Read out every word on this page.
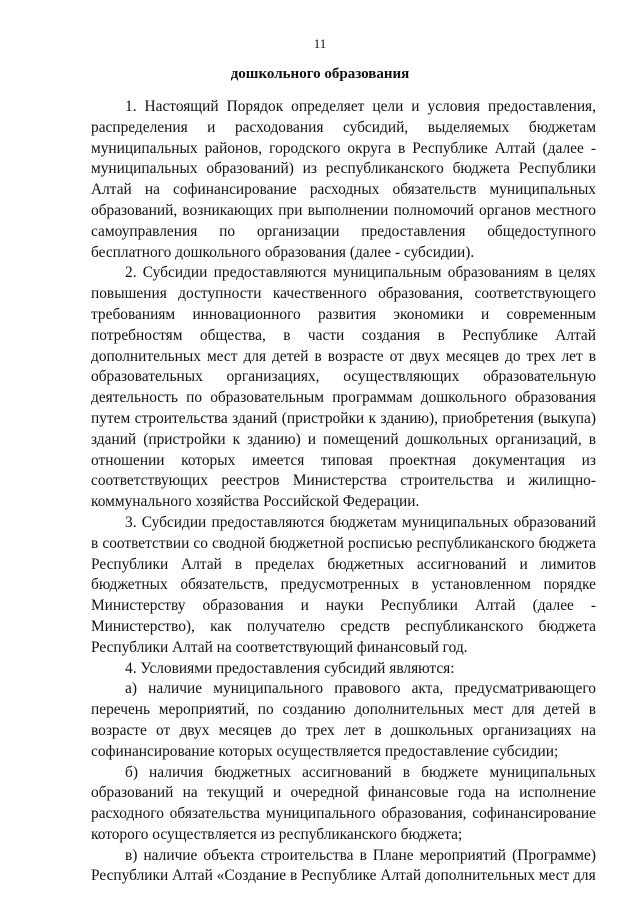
11
дошкольного образования

1. Настоящий Порядок определяет цели и условия предоставления, распределения и расходования субсидий, выделяемых бюджетам муниципальных районов, городского округа в Республике Алтай (далее - муниципальных образований) из республиканского бюджета Республики Алтай на софинансирование расходных обязательств муниципальных образований, возникающих при выполнении полномочий органов местного самоуправления по организации предоставления общедоступного бесплатного дошкольного образования (далее - субсидии).

2. Субсидии предоставляются муниципальным образованиям в целях повышения доступности качественного образования, соответствующего требованиям инновационного развития экономики и современным потребностям общества, в части создания в Республике Алтай дополнительных мест для детей в возрасте от двух месяцев до трех лет в образовательных организациях, осуществляющих образовательную деятельность по образовательным программам дошкольного образования путем строительства зданий (пристройки к зданию), приобретения (выкупа) зданий (пристройки к зданию) и помещений дошкольных организаций, в отношении которых имеется типовая проектная документация из соответствующих реестров Министерства строительства и жилищно-коммунального хозяйства Российской Федерации.

3. Субсидии предоставляются бюджетам муниципальных образований в соответствии со сводной бюджетной росписью республиканского бюджета Республики Алтай в пределах бюджетных ассигнований и лимитов бюджетных обязательств, предусмотренных в установленном порядке Министерству образования и науки Республики Алтай (далее - Министерство), как получателю средств республиканского бюджета Республики Алтай на соответствующий финансовый год.

4. Условиями предоставления субсидий являются:

а) наличие муниципального правового акта, предусматривающего перечень мероприятий, по созданию дополнительных мест для детей в возрасте от двух месяцев до трех лет в дошкольных организациях на софинансирование которых осуществляется предоставление субсидии;

б) наличия бюджетных ассигнований в бюджете муниципальных образований на текущий и очередной финансовые года на исполнение расходного обязательства муниципального образования, софинансирование которого осуществляется из республиканского бюджета;

в) наличие объекта строительства в Плане мероприятий (Программе) Республики Алтай «Создание в Республике Алтай дополнительных мест для
